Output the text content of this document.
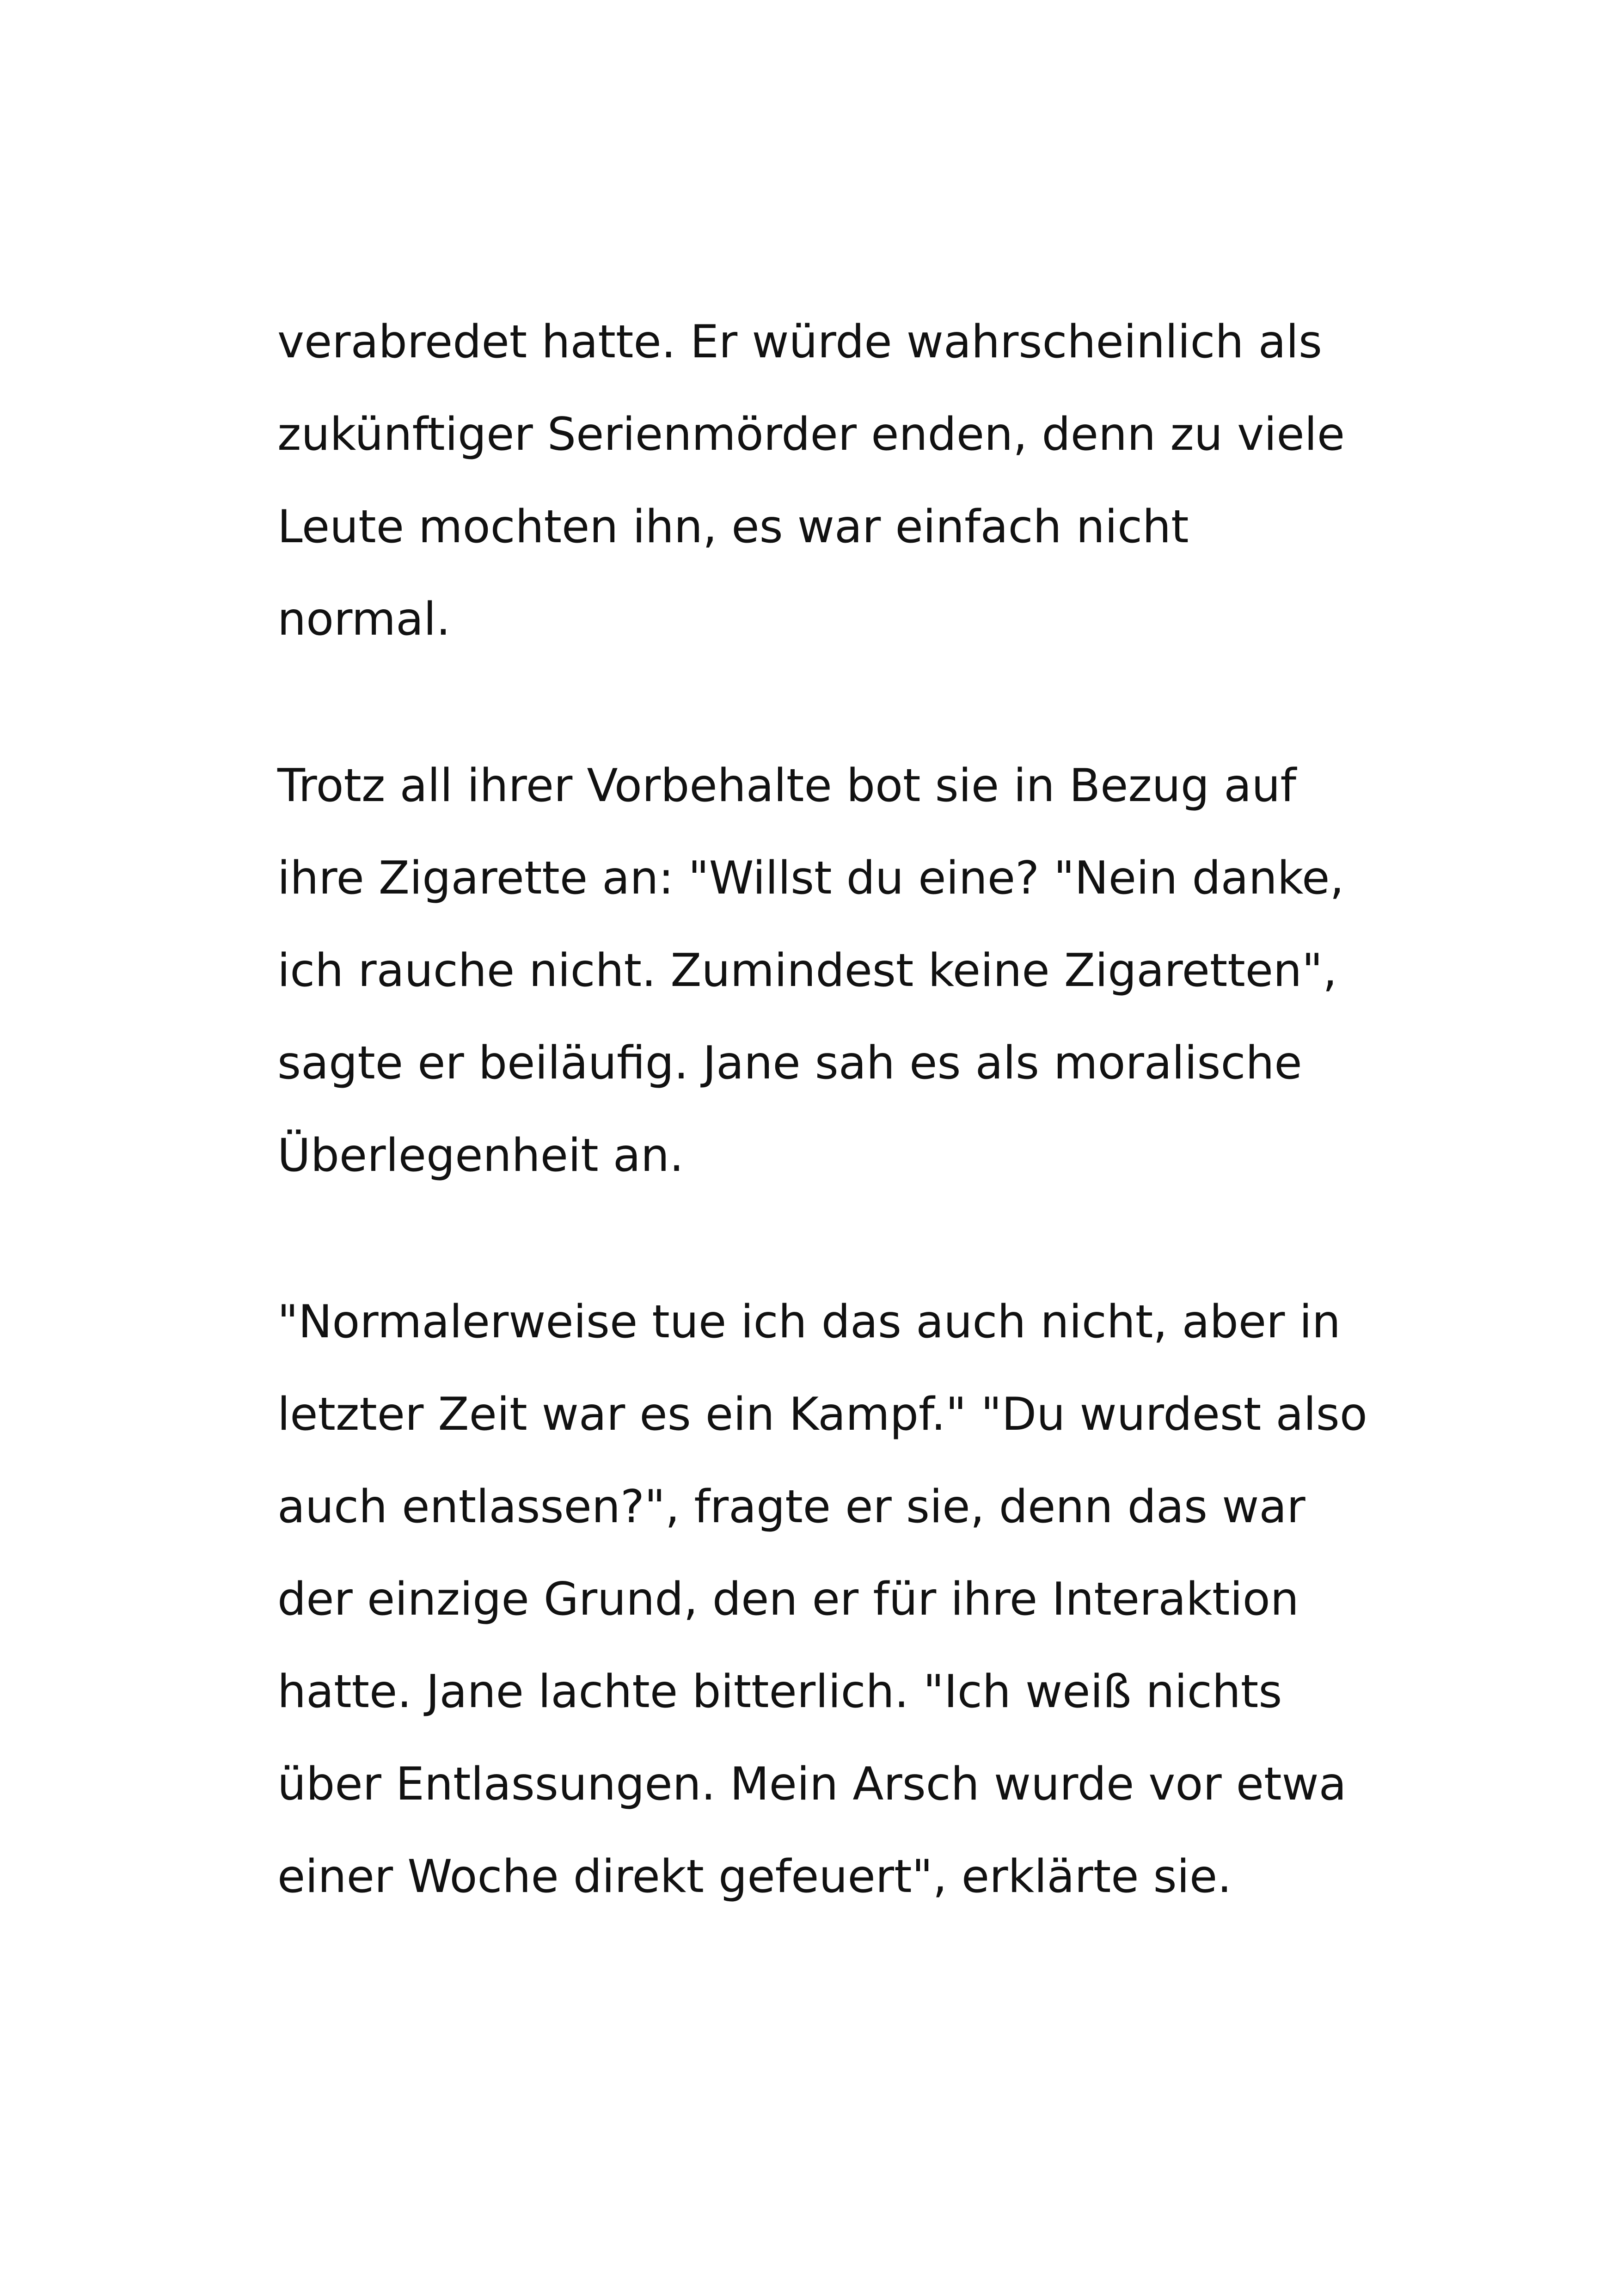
verabredet hatte. Er würde wahrscheinlich als
zukünftiger Serienmörder enden, denn zu viele
Leute mochten ihn, es war einfach nicht
normal.
Trotz all ihrer Vorbehalte bot sie in Bezug auf
ihre Zigarette an: "Willst du eine? "Nein danke,
ich rauche nicht. Zumindest keine Zigaretten",
sagte er beiläufig. Jane sah es als moralische
Überlegenheit an.
"Normalerweise tue ich das auch nicht, aber in
letzter Zeit war es ein Kampf." "Du wurdest also
auch entlassen?", fragte er sie, denn das war
der einzige Grund, den er für ihre Interaktion
hatte. Jane lachte bitterlich. "Ich weiß nichts
über Entlassungen. Mein Arsch wurde vor etwa
einer Woche direkt gefeuert", erklärte sie.
